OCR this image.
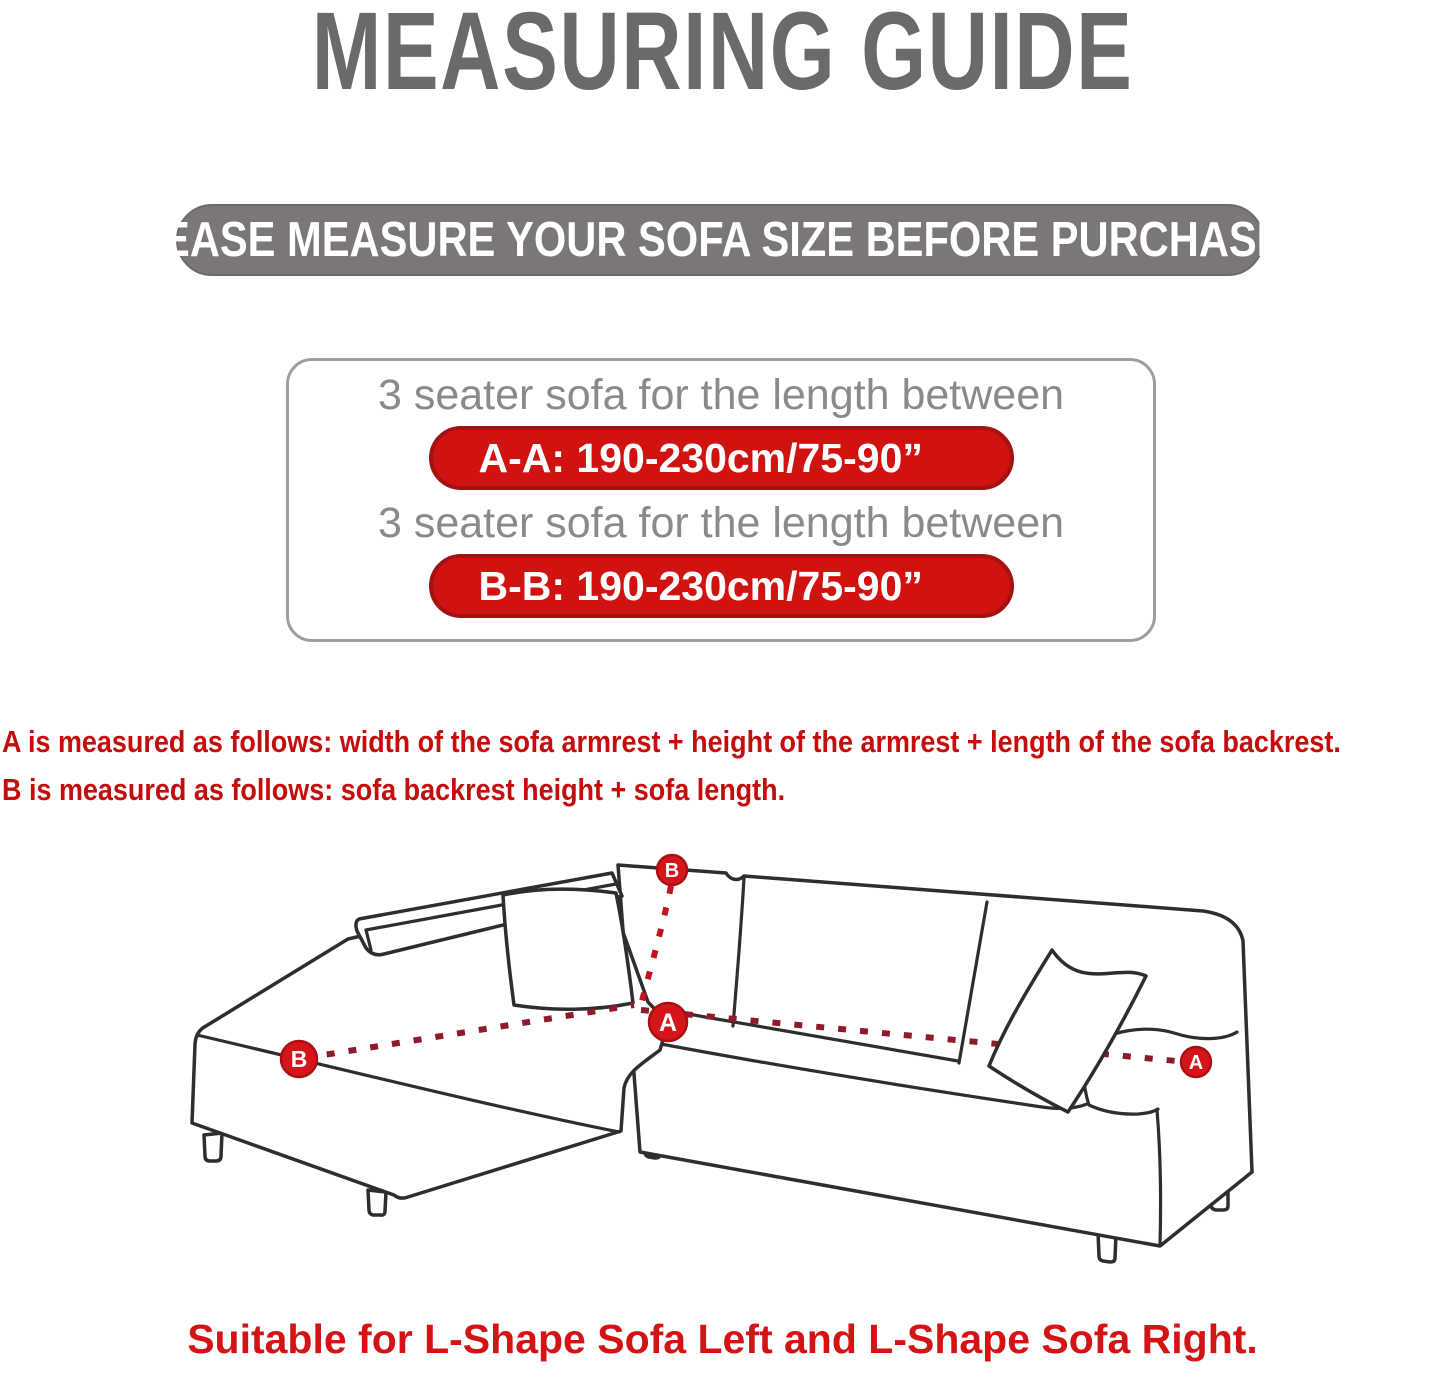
MEASURING GUIDE
PLEASE MEASURE YOUR SOFA SIZE BEFORE PURCHASING
3 seater sofa for the length between
A-A: 190-230cm/75-90”
3 seater sofa for the length between
B-B: 190-230cm/75-90”
A is measured as follows: width of the sofa armrest + height of the armrest + length of the sofa backrest.
B is measured as follows: sofa backrest height + sofa length.
B
A
B	A
Suitable for L-Shape Sofa Left and L-Shape Sofa Right.
